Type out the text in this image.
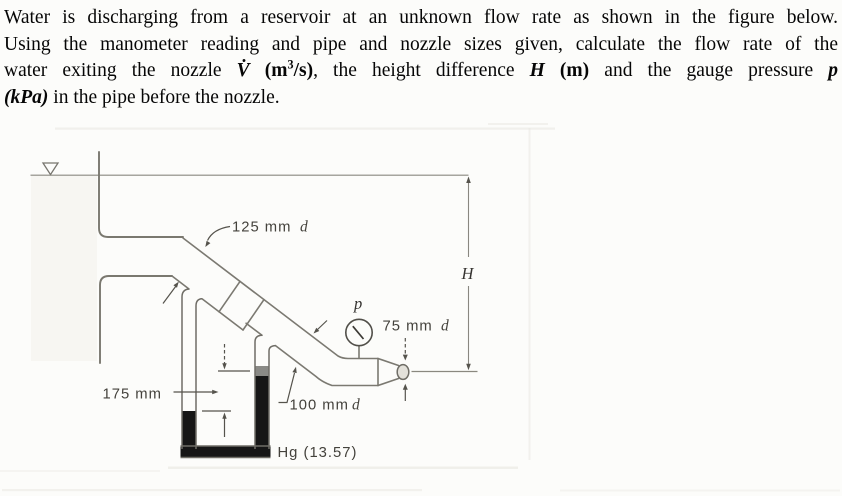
p
125 mm d
100 mm d
75 mm d
175 mm
Hg (13.57)
H
Water is discharging from a reservoir at an unknown flow rate as shown in the figure below.
Using the manometer reading and pipe and nozzle sizes given, calculate the flow rate of the
water exiting the nozzle V̇ $(m^3/s)$, the height difference H (m) and the gauge pressure p
(kPa) in the pipe before the nozzle.
